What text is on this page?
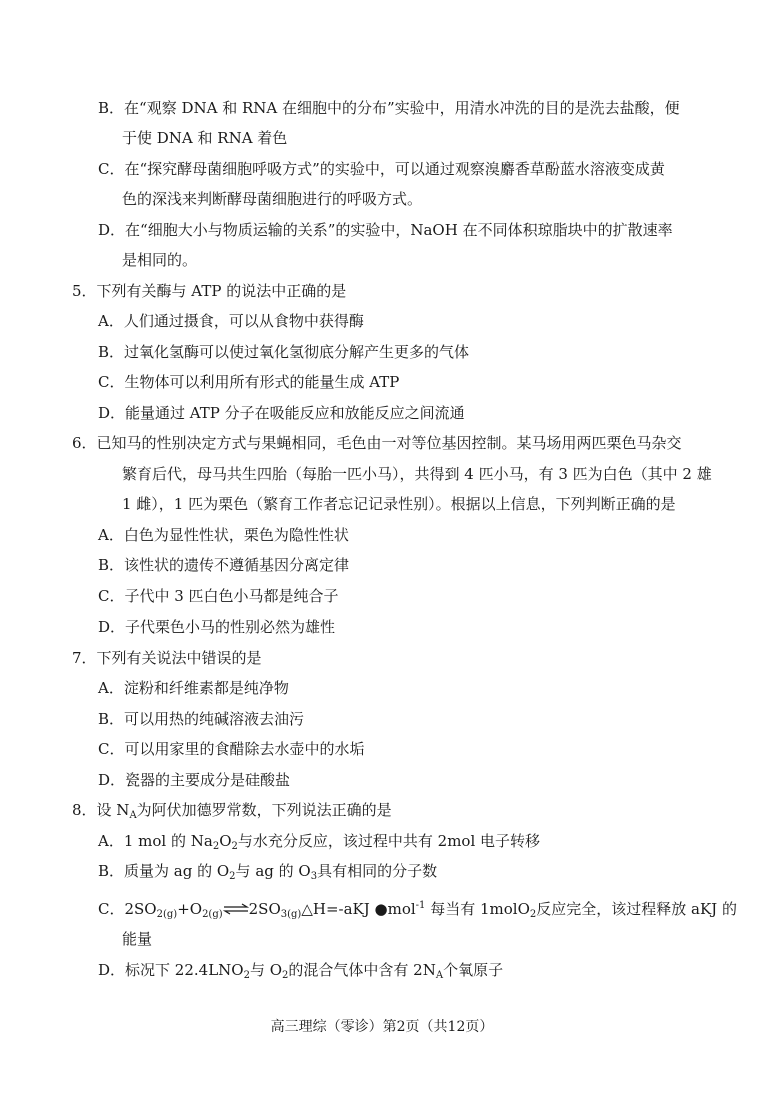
B．在“观察 DNA 和 RNA 在细胞中的分布”实验中，用清水冲洗的目的是洗去盐酸，便
于使 DNA 和 RNA 着色
C．在“探究酵母菌细胞呼吸方式”的实验中，可以通过观察溴麝香草酚蓝水溶液变成黄
色的深浅来判断酵母菌细胞进行的呼吸方式。
D．在“细胞大小与物质运输的关系”的实验中，NaOH 在不同体积琼脂块中的扩散速率
是相同的。
5．下列有关酶与 ATP 的说法中正确的是
A．人们通过摄食，可以从食物中获得酶
B．过氧化氢酶可以使过氧化氢彻底分解产生更多的气体
C．生物体可以利用所有形式的能量生成 ATP
D．能量通过 ATP 分子在吸能反应和放能反应之间流通
6．已知马的性别决定方式与果蝇相同，毛色由一对等位基因控制。某马场用两匹栗色马杂交
繁育后代，母马共生四胎（每胎一匹小马），共得到 4 匹小马，有 3 匹为白色（其中 2 雄
1 雌），1 匹为栗色（繁育工作者忘记记录性别）。根据以上信息，下列判断正确的是
A．白色为显性性状，栗色为隐性性状
B．该性状的遗传不遵循基因分离定律
C．子代中 3 匹白色小马都是纯合子
D．子代栗色小马的性别必然为雄性
7．下列有关说法中错误的是
A．淀粉和纤维素都是纯净物
B．可以用热的纯碱溶液去油污
C．可以用家里的食醋除去水壶中的水垢
D．瓷器的主要成分是硅酸盐
8．设 $N_A$为阿伏加德罗常数，下列说法正确的是
A．1 mol 的 $Na_2O_2$与水充分反应，该过程中共有 2mol 电子转移
B．质量为 ag 的 $O_2$与 ag 的 $O_3$具有相同的分子数
C．$2SO_{2(g)}+O_{2(g)}\rightleftharpoons 2SO_{3(g)}\triangle H=$-aKJ ●mol$^{-1}$ 每当有 1molO$_2$反应完全，该过程释放 aKJ 的
能量
D．标况下 $22.4LNO_2$与 $O_2$的混合气体中含有 $2N_A$个氧原子
高三理综（零诊）第2页（共12页）
